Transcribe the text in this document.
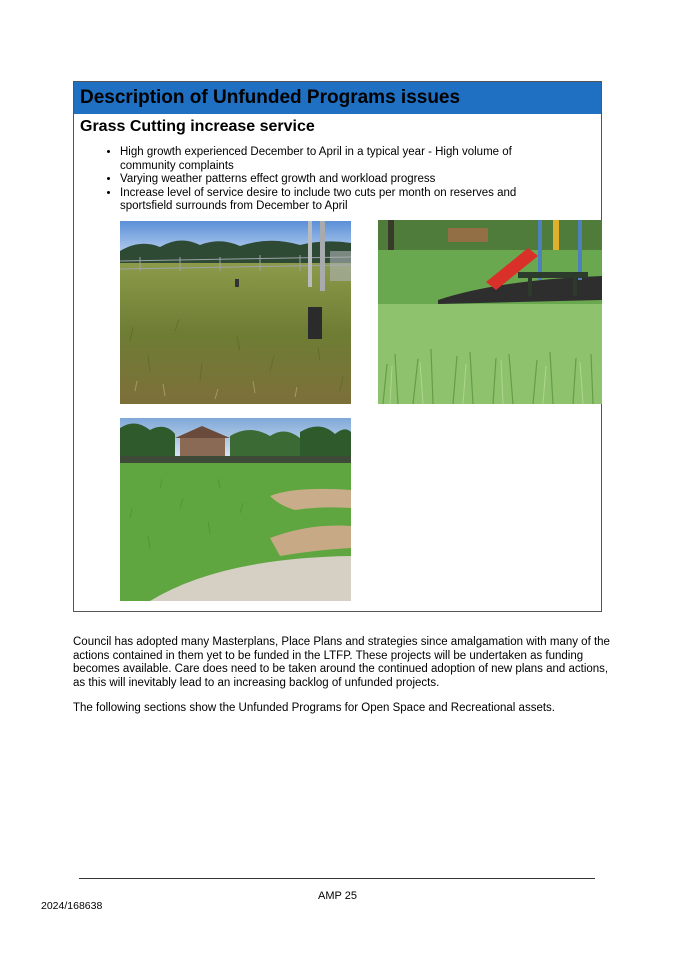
Description of Unfunded Programs issues
Grass Cutting increase service
• High growth experienced December to April in a typical year - High volume of community complaints
• Varying weather patterns effect growth and workload progress
• Increase level of service desire to include two cuts per month on reserves and sportsfield surrounds from December to April

Council has adopted many Masterplans, Place Plans and strategies since amalgamation with many of the actions contained in them yet to be funded in the LTFP. These projects will be undertaken as funding becomes available. Care does need to be taken around the continued adoption of new plans and actions, as this will inevitably lead to an increasing backlog of unfunded projects.

The following sections show the Unfunded Programs for Open Space and Recreational assets.

AMP 25
2024/168638
